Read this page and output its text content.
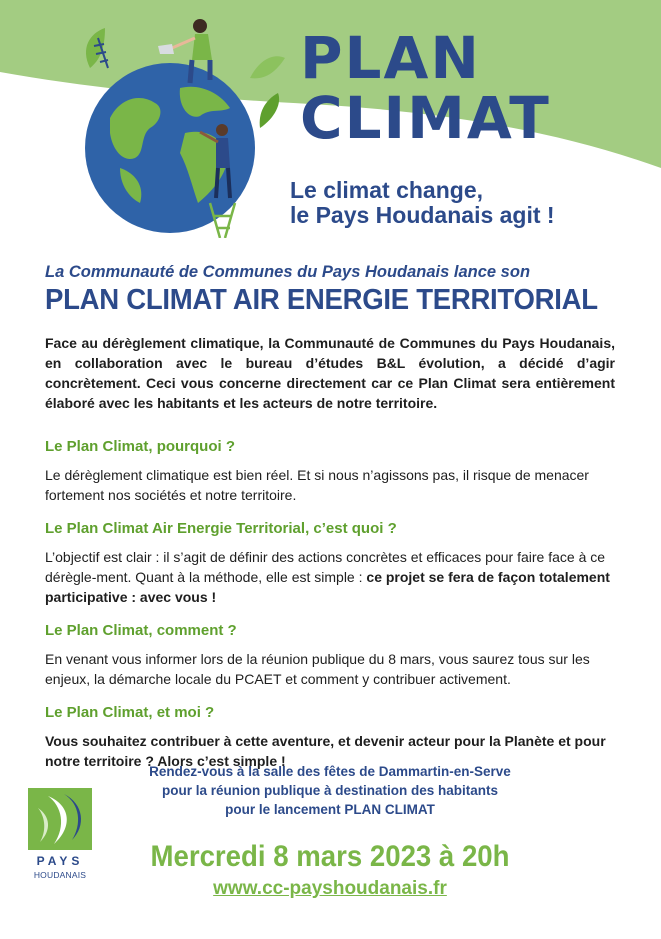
PLAN
CLIMAT

Le climat change,
le Pays Houdanais agit !

La Communauté de Communes du Pays Houdanais lance son

PLAN CLIMAT AIR ENERGIE TERRITORIAL

Face au dérèglement climatique, la Communauté de Communes du Pays Houdanais, en collaboration avec le bureau d’études B&L évolution, a décidé d’agir concrètement. Ceci vous concerne directement car ce Plan Climat sera entièrement élaboré avec les habitants et les acteurs de notre territoire.

Le Plan Climat, pourquoi ?

Le dérèglement climatique est bien réel. Et si nous n’agissons pas, il risque de menacer fortement nos sociétés et notre territoire.

Le Plan Climat Air Energie Territorial, c’est quoi ?

L’objectif est clair : il s’agit de définir des actions concrètes et efficaces pour faire face à ce dérègle-ment. Quant à la méthode, elle est simple : ce projet se fera de façon totalement participative : avec vous !

Le Plan Climat, comment ?

En venant vous informer lors de la réunion publique du 8 mars, vous saurez tous sur les enjeux, la démarche locale du PCAET et comment y contribuer activement.

Le Plan Climat, et moi ?

Vous souhaitez contribuer à cette aventure, et devenir acteur pour la Planète et pour notre territoire ? Alors c’est simple !

PAYS
HOUDANAIS
Rendez-vous à la salle des fêtes de Dammartin-en-Serve
pour la réunion publique à destination des habitants
pour le lancement PLAN CLIMAT
Mercredi 8 mars 2023 à 20h
www.cc-payshoudanais.fr
